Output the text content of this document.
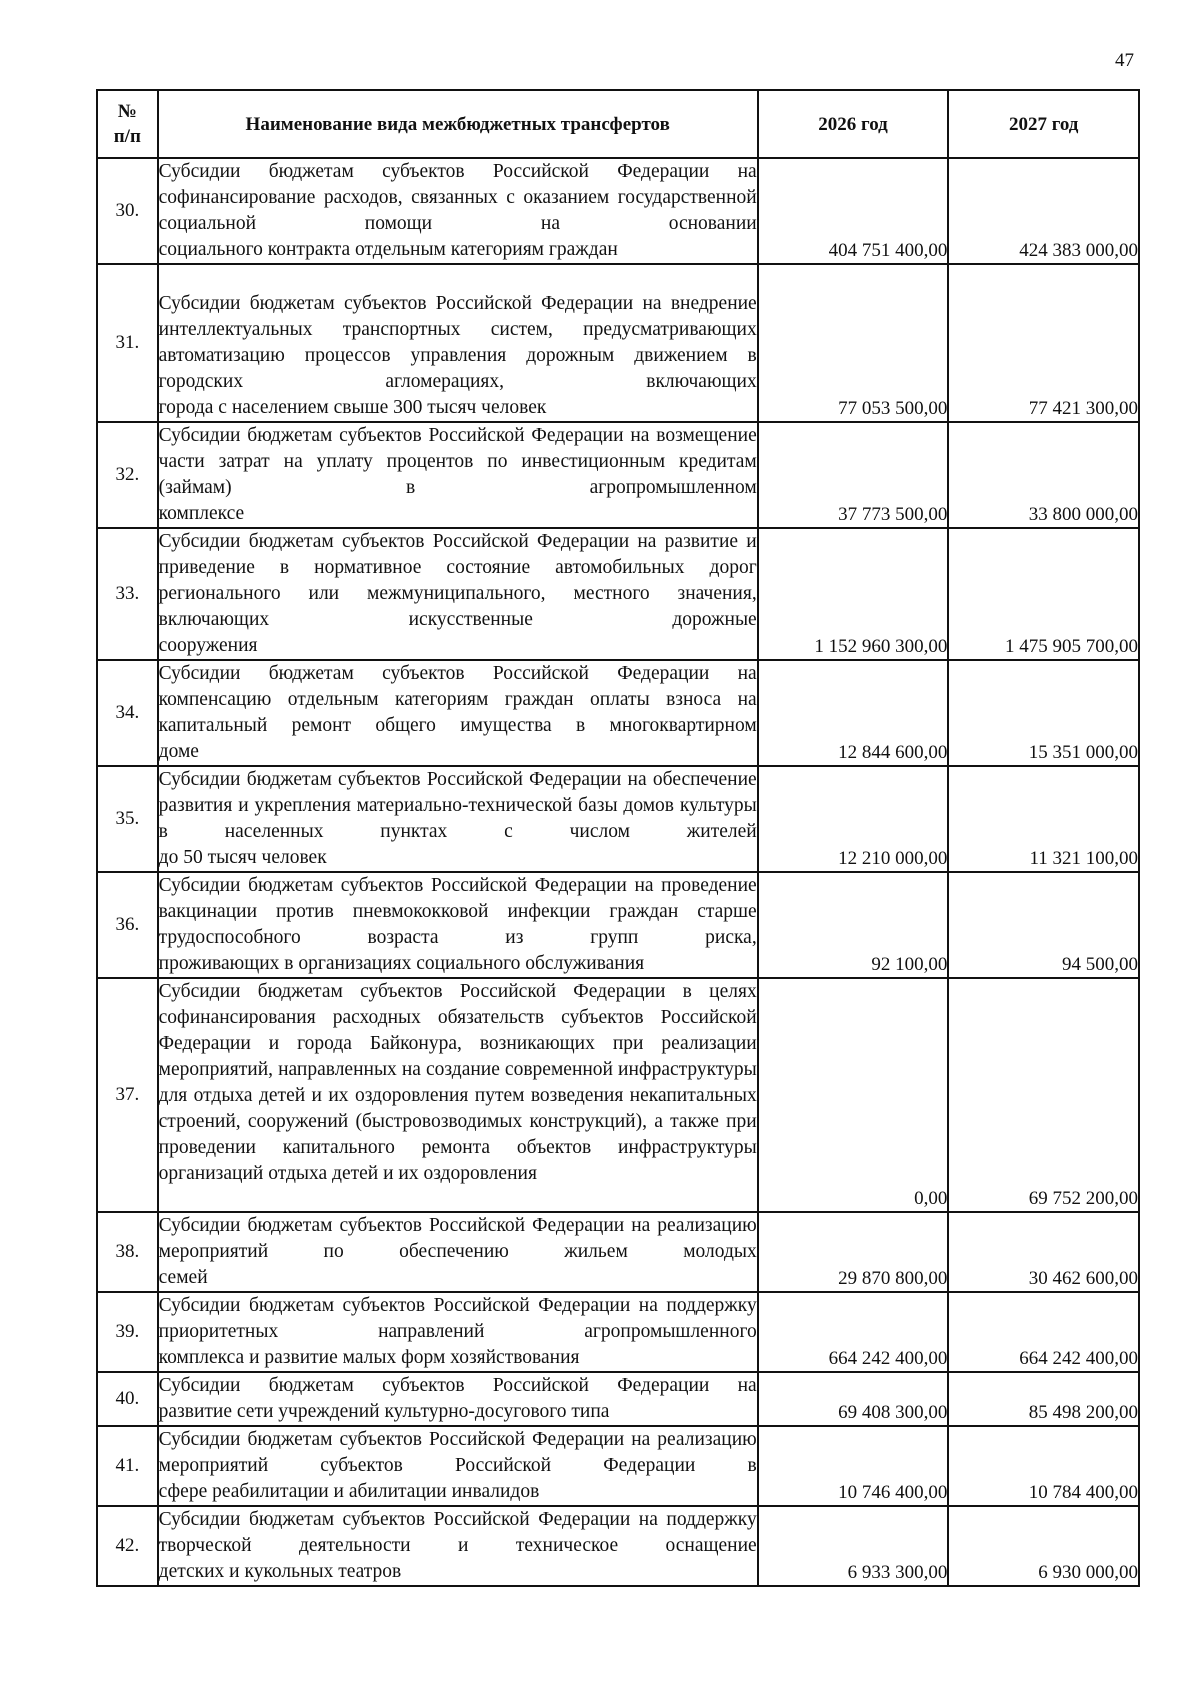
47
№
п/п	Наименование вида межбюджетных трансфертов	2026 год	2027 год
30.	Субсидии бюджетам субъектов Российской Федерации на софинансирование расходов, связанных с оказанием государственной социальной помощи на основании
социального контракта отдельным категориям граждан	404 751 400,00	424 383 000,00
31.	Субсидии бюджетам субъектов Российской Федерации на внедрение интеллектуальных транспортных систем, предусматривающих автоматизацию процессов управления дорожным движением в городских агломерациях, включающих
города с населением свыше 300 тысяч человек	77 053 500,00	77 421 300,00
32.	Субсидии бюджетам субъектов Российской Федерации на возмещение части затрат на уплату процентов по инвестиционным кредитам (займам) в агропромышленном
комплексе	37 773 500,00	33 800 000,00
33.	Субсидии бюджетам субъектов Российской Федерации на развитие и приведение в нормативное состояние автомобильных дорог регионального или межмуниципального, местного значения, включающих искусственные дорожные
сооружения	1 152 960 300,00	1 475 905 700,00
34.	Субсидии бюджетам субъектов Российской Федерации на компенсацию отдельным категориям граждан оплаты взноса на капитальный ремонт общего имущества в многоквартирном
доме	12 844 600,00	15 351 000,00
35.	Субсидии бюджетам субъектов Российской Федерации на обеспечение развития и укрепления материально-технической базы домов культуры в населенных пунктах с числом жителей
до 50 тысяч человек	12 210 000,00	11 321 100,00
36.	Субсидии бюджетам субъектов Российской Федерации на проведение вакцинации против пневмококковой инфекции граждан старше трудоспособного возраста из групп риска,
проживающих в организациях социального обслуживания	92 100,00	94 500,00
37.	Субсидии бюджетам субъектов Российской Федерации в целях софинансирования расходных обязательств субъектов Российской Федерации и города Байконура, возникающих при реализации мероприятий, направленных на создание современной инфраструктуры для отдыха детей и их оздоровления путем возведения некапитальных строений, сооружений (быстровозводимых конструкций), а также при проведении капитального ремонта объектов инфраструктуры
организаций отдыха детей и их оздоровления	0,00	69 752 200,00
38.	Субсидии бюджетам субъектов Российской Федерации на реализацию мероприятий по обеспечению жильем молодых
семей	29 870 800,00	30 462 600,00
39.	Субсидии бюджетам субъектов Российской Федерации на поддержку приоритетных направлений агропромышленного
комплекса и развитие малых форм хозяйствования	664 242 400,00	664 242 400,00
40.	Субсидии бюджетам субъектов Российской Федерации на
развитие сети учреждений культурно-досугового типа	69 408 300,00	85 498 200,00
41.	Субсидии бюджетам субъектов Российской Федерации на реализацию мероприятий субъектов Российской Федерации в
сфере реабилитации и абилитации инвалидов	10 746 400,00	10 784 400,00
42.	Субсидии бюджетам субъектов Российской Федерации на поддержку творческой деятельности и техническое оснащение
детских и кукольных театров	6 933 300,00	6 930 000,00
